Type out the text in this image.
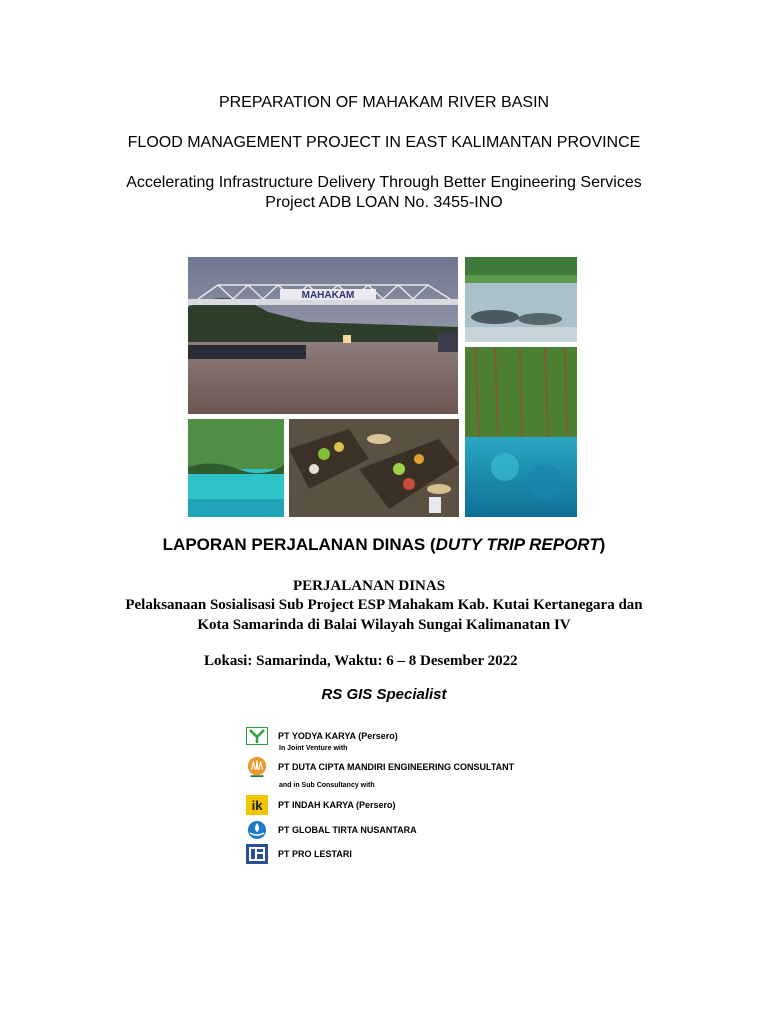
PREPARATION OF MAHAKAM RIVER BASIN
FLOOD MANAGEMENT PROJECT IN EAST KALIMANTAN PROVINCE
Accelerating Infrastructure Delivery Through Better Engineering Services
Project ADB LOAN No. 3455-INO
MAHAKAM
LAPORAN PERJALANAN DINAS (DUTY TRIP REPORT)
PERJALANAN DINAS
Pelaksanaan Sosialisasi Sub Project ESP Mahakam Kab. Kutai Kertanegara dan
Kota Samarinda di Balai Wilayah Sungai Kalimanatan IV
Lokasi: Samarinda, Waktu: 6 – 8 Desember 2022
RS GIS Specialist
PT YODYA KARYA (Persero)
In Joint Venture with
PT DUTA CIPTA MANDIRI ENGINEERING CONSULTANT
and in Sub Consultancy with
ik PT INDAH KARYA (Persero)
PT GLOBAL TIRTA NUSANTARA
PT PRO LESTARI
